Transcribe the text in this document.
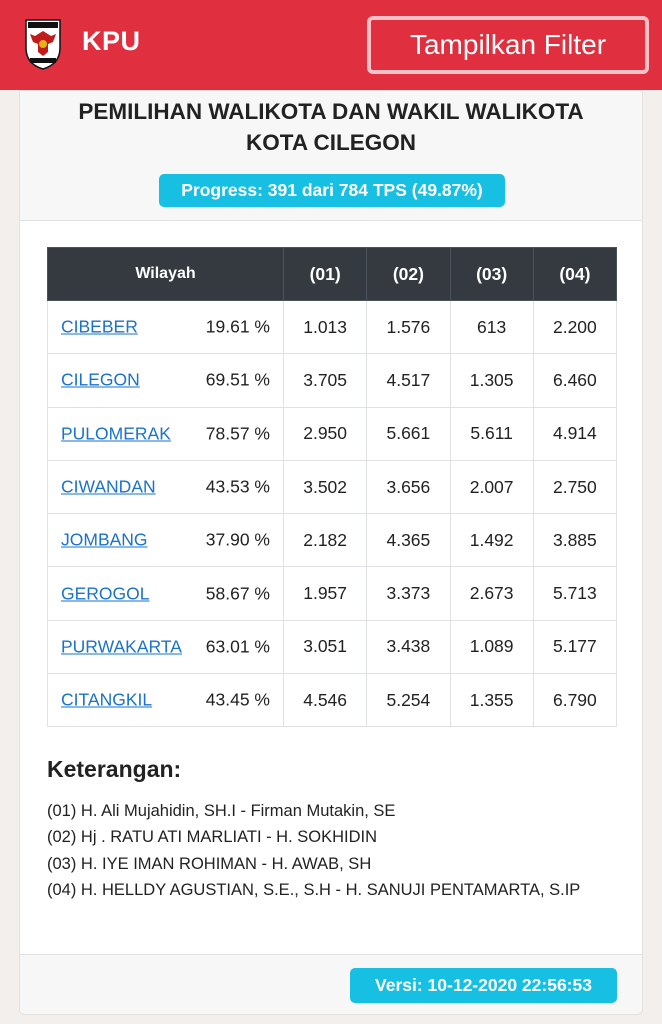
KPU	Tampilkan Filter
PEMILIHAN WALIKOTA DAN WAKIL WALIKOTA
KOTA CILEGON
Progress: 391 dari 784 TPS (49.87%)
Wilayah	(01)	(02)	(03)	(04)

CIBEBER 19.61 %	1.013	1.576	613	2.200

CILEGON 69.51 %	3.705	4.517	1.305	6.460

PULOMERAK 78.57 %	2.950	5.661	5.611	4.914

CIWANDAN 43.53 %	3.502	3.656	2.007	2.750

JOMBANG 37.90 %	2.182	4.365	1.492	3.885

GEROGOL 58.67 %	1.957	3.373	2.673	5.713

PURWAKARTA 63.01 %	3.051	3.438	1.089	5.177

CITANGKIL 43.45 %	4.546	5.254	1.355	6.790
Keterangan:
(01) H. Ali Mujahidin, SH.I - Firman Mutakin, SE
(02) Hj . RATU ATI MARLIATI - H. SOKHIDIN
(03) H. IYE IMAN ROHIMAN - H. AWAB, SH
(04) H. HELLDY AGUSTIAN, S.E., S.H - H. SANUJI PENTAMARTA, S.IP
Versi: 10-12-2020 22:56:53
